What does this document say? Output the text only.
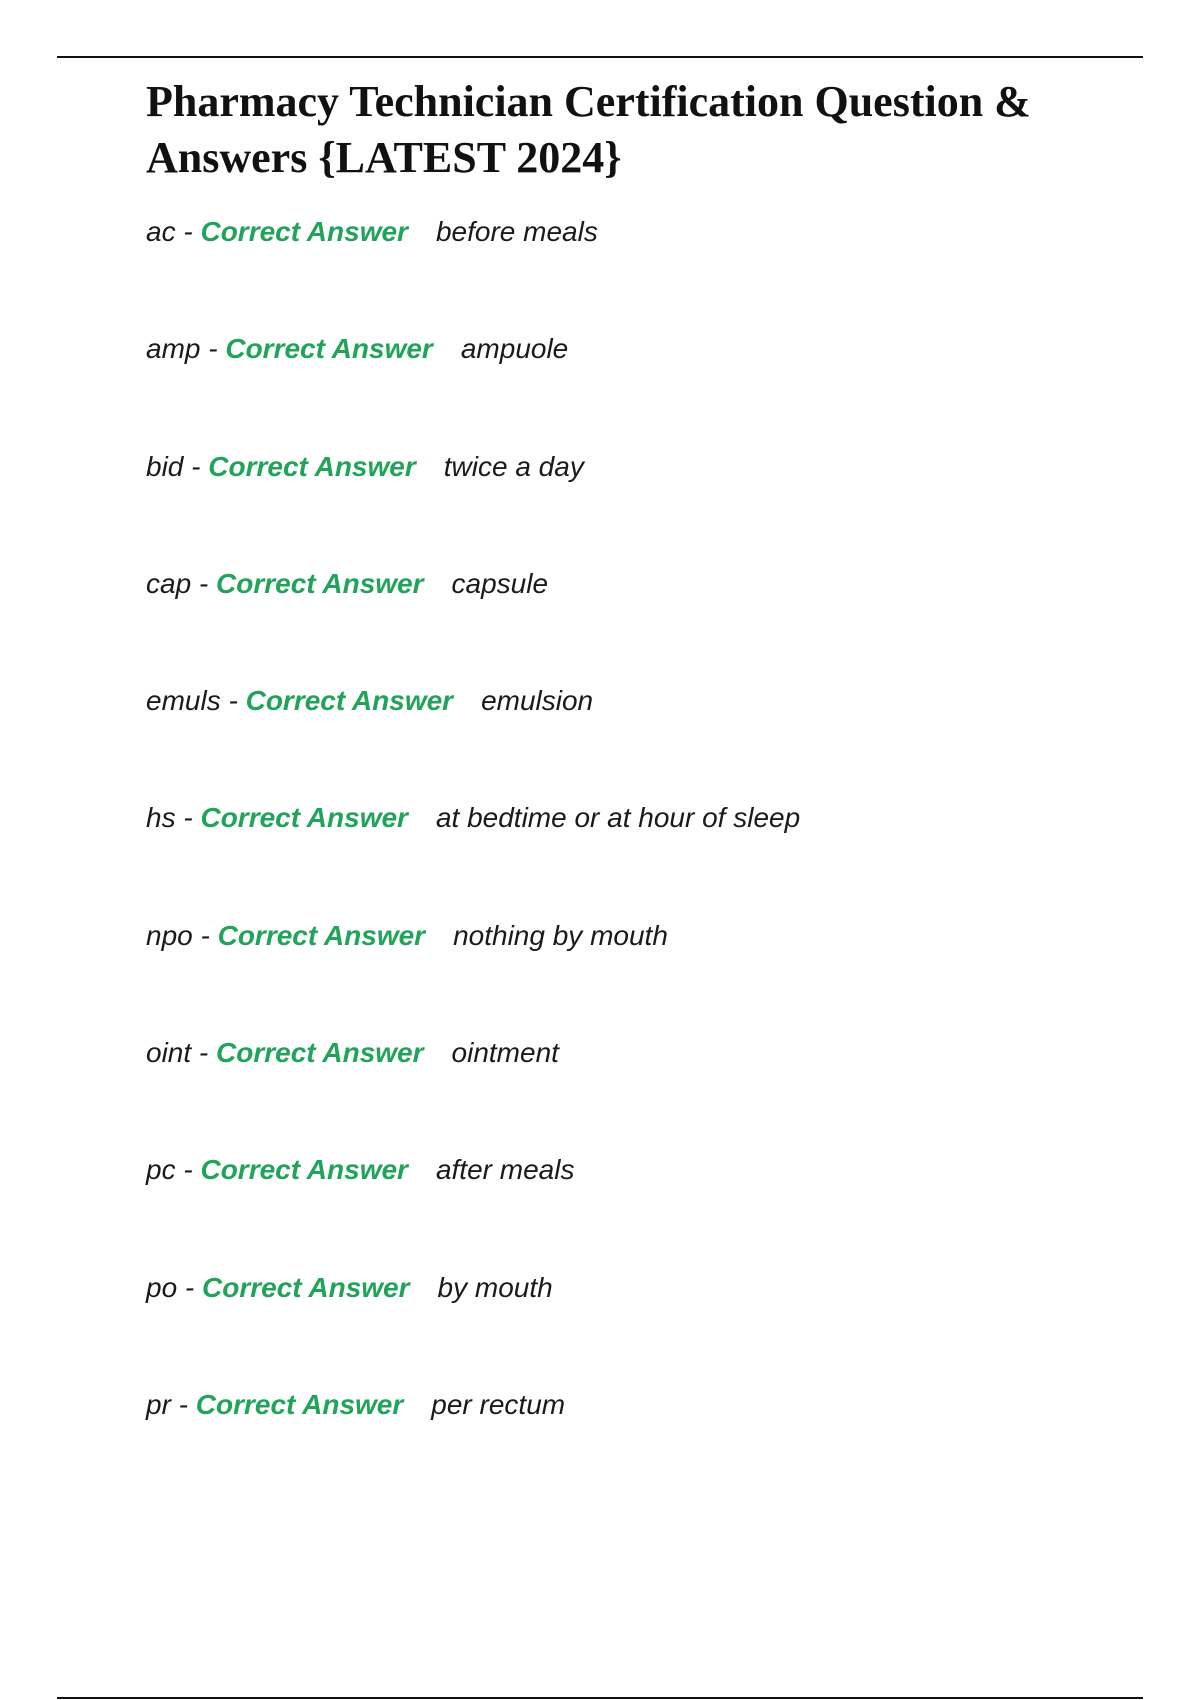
Pharmacy Technician Certification Question & Answers {LATEST 2024}
ac - Correct Answer before meals
amp - Correct Answer ampuole
bid - Correct Answer twice a day
cap - Correct Answer capsule
emuls - Correct Answer emulsion
hs - Correct Answer at bedtime or at hour of sleep
npo - Correct Answer nothing by mouth
oint - Correct Answer ointment
pc - Correct Answer after meals
po - Correct Answer by mouth
pr - Correct Answer per rectum
